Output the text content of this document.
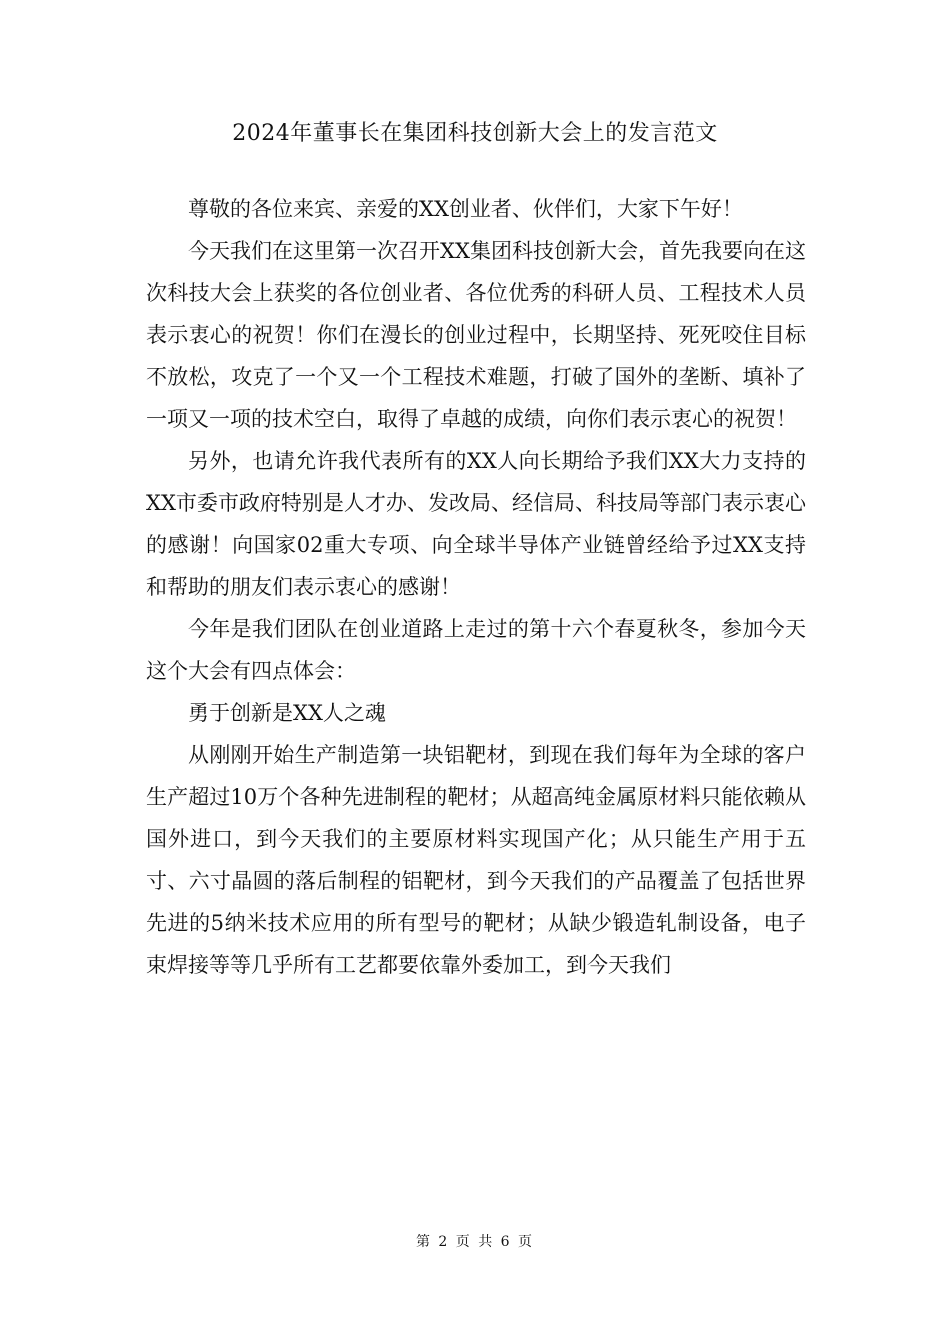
2024年董事长在集团科技创新大会上的发言范文

尊敬的各位来宾、亲爱的XX创业者、伙伴们，大家下午好！

今天我们在这里第一次召开XX集团科技创新大会，首先我要向在这次科技大会上获奖的各位创业者、各位优秀的科研人员、工程技术人员表示衷心的祝贺！你们在漫长的创业过程中，长期坚持、死死咬住目标不放松，攻克了一个又一个工程技术难题，打破了国外的垄断、填补了一项又一项的技术空白，取得了卓越的成绩，向你们表示衷心的祝贺！

另外，也请允许我代表所有的XX人向长期给予我们XX大力支持的XX市委市政府特别是人才办、发改局、经信局、科技局等部门表示衷心的感谢！向国家02重大专项、向全球半导体产业链曾经给予过XX支持和帮助的朋友们表示衷心的感谢！

今年是我们团队在创业道路上走过的第十六个春夏秋冬，参加今天这个大会有四点体会：

勇于创新是XX人之魂

从刚刚开始生产制造第一块铝靶材，到现在我们每年为全球的客户生产超过10万个各种先进制程的靶材；从超高纯金属原材料只能依赖从国外进口，到今天我们的主要原材料实现国产化；从只能生产用于五寸、六寸晶圆的落后制程的铝靶材，到今天我们的产品覆盖了包括世界先进的5纳米技术应用的所有型号的靶材；从缺少锻造轧制设备，电子束焊接等等几乎所有工艺都要依靠外委加工，到今天我们

第 2 页 共 6 页
